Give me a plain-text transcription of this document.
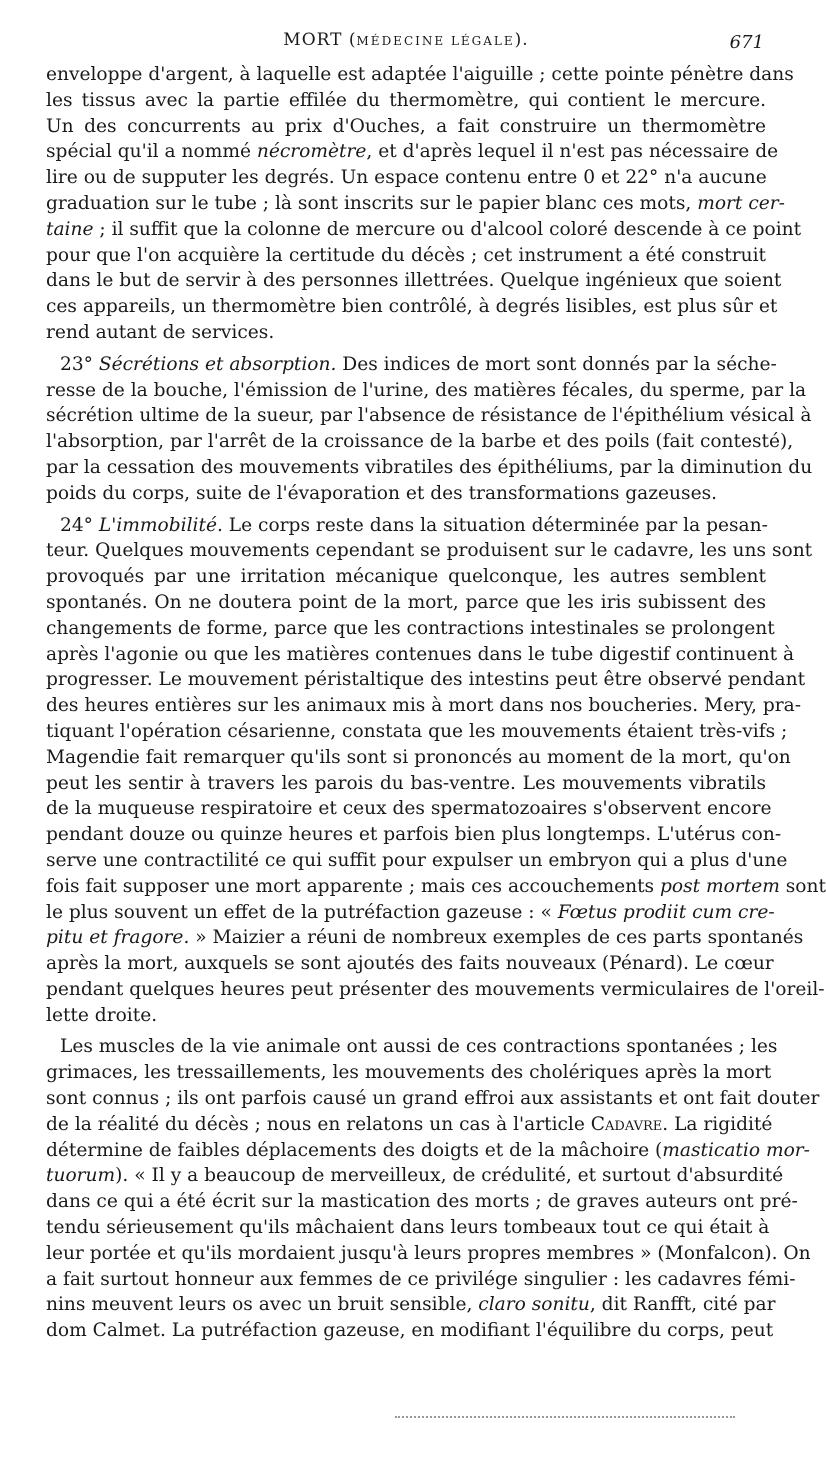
MORT (MÉDECINE LÉGALE).	671
enveloppe d'argent, à laquelle est adaptée l'aiguille ; cette pointe pénètre dans
les tissus avec la partie effilée du thermomètre, qui contient le mercure.
Un des concurrents au prix d'Ouches, a fait construire un thermomètre
spécial qu'il a nommé nécromètre, et d'après lequel il n'est pas nécessaire de
lire ou de supputer les degrés. Un espace contenu entre 0 et 22° n'a aucune
graduation sur le tube ; là sont inscrits sur le papier blanc ces mots, mort cer-
taine ; il suffit que la colonne de mercure ou d'alcool coloré descende à ce point
pour que l'on acquière la certitude du décès ; cet instrument a été construit
dans le but de servir à des personnes illettrées. Quelque ingénieux que soient
ces appareils, un thermomètre bien contrôlé, à degrés lisibles, est plus sûr et
rend autant de services.
23° Sécrétions et absorption. Des indices de mort sont donnés par la séche-
resse de la bouche, l'émission de l'urine, des matières fécales, du sperme, par la
sécrétion ultime de la sueur, par l'absence de résistance de l'épithélium vésical à
l'absorption, par l'arrêt de la croissance de la barbe et des poils (fait contesté),
par la cessation des mouvements vibratiles des épithéliums, par la diminution du
poids du corps, suite de l'évaporation et des transformations gazeuses.
24° L'immobilité. Le corps reste dans la situation déterminée par la pesan-
teur. Quelques mouvements cependant se produisent sur le cadavre, les uns sont
provoqués par une irritation mécanique quelconque, les autres semblent
spontanés. On ne doutera point de la mort, parce que les iris subissent des
changements de forme, parce que les contractions intestinales se prolongent
après l'agonie ou que les matières contenues dans le tube digestif continuent à
progresser. Le mouvement péristaltique des intestins peut être observé pendant
des heures entières sur les animaux mis à mort dans nos boucheries. Mery, pra-
tiquant l'opération césarienne, constata que les mouvements étaient très-vifs ;
Magendie fait remarquer qu'ils sont si prononcés au moment de la mort, qu'on
peut les sentir à travers les parois du bas-ventre. Les mouvements vibratils
de la muqueuse respiratoire et ceux des spermatozoaires s'observent encore
pendant douze ou quinze heures et parfois bien plus longtemps. L'utérus con-
serve une contractilité ce qui suffit pour expulser un embryon qui a plus d'une
fois fait supposer une mort apparente ; mais ces accouchements post mortem sont
le plus souvent un effet de la putréfaction gazeuse : « Fœtus prodiit cum cre-
pitu et fragore. » Maizier a réuni de nombreux exemples de ces parts spontanés
après la mort, auxquels se sont ajoutés des faits nouveaux (Pénard). Le cœur
pendant quelques heures peut présenter des mouvements vermiculaires de l'oreil-
lette droite.
Les muscles de la vie animale ont aussi de ces contractions spontanées ; les
grimaces, les tressaillements, les mouvements des cholériques après la mort
sont connus ; ils ont parfois causé un grand effroi aux assistants et ont fait douter
de la réalité du décès ; nous en relatons un cas à l'article Cadavre. La rigidité
détermine de faibles déplacements des doigts et de la mâchoire (masticatio mor-
tuorum). « Il y a beaucoup de merveilleux, de crédulité, et surtout d'absurdité
dans ce qui a été écrit sur la mastication des morts ; de graves auteurs ont pré-
tendu sérieusement qu'ils mâchaient dans leurs tombeaux tout ce qui était à
leur portée et qu'ils mordaient jusqu'à leurs propres membres » (Monfalcon). On
a fait surtout honneur aux femmes de ce privilége singulier : les cadavres fémi-
nins meuvent leurs os avec un bruit sensible, claro sonitu, dit Ranfft, cité par
dom Calmet. La putréfaction gazeuse, en modifiant l'équilibre du corps, peut
